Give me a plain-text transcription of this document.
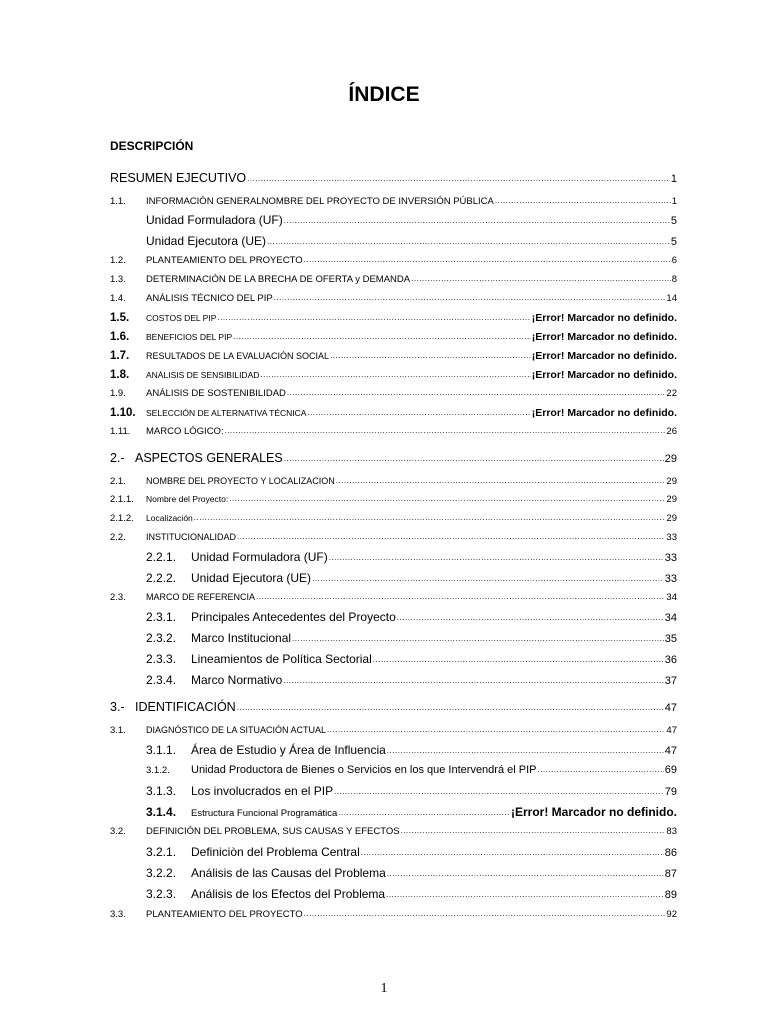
ÍNDICE
DESCRIPCIÓN
RESUMEN EJECUTIVO .....	1
1.1.	INFORMACIÓN GENERALNOMBRE DEL PROYECTO DE INVERSIÓN PÚBLICA .....	1
Unidad Formuladora (UF) .....	5
Unidad Ejecutora (UE) .....	5
1.2.	PLANTEAMIENTO DEL PROYECTO .....	6
1.3.	DETERMINACIÓN DE LA BRECHA DE OFERTA y DEMANDA .....	8
1.4.	ANÁLISIS TÉCNICO DEL PIP .....	14
1.5.	COSTOS DEL PIP .....	¡Error! Marcador no definido.
1.6.	BENEFICIOS DEL PIP .....	¡Error! Marcador no definido.
1.7.	RESULTADOS DE LA EVALUACIÓN SOCIAL .....	¡Error! Marcador no definido.
1.8.	ANÁLISIS DE SENSIBILIDAD .....	¡Error! Marcador no definido.
1.9.	ANÁLISIS DE SOSTENIBILIDAD .....	22
1.10.	SELECCIÓN DE ALTERNATIVA TÉCNICA .....	¡Error! Marcador no definido.
1.11.	MARCO LÓGICO: .....	26
2.- ASPECTOS GENERALES .....	29
2.1.	NOMBRE DEL PROYECTO Y LOCALIZACION .....	29
2.1.1.	Nombre del Proyecto: .....	29
2.1.2.	Localización .....	29
2.2.	INSTITUCIONALIDAD .....	33
2.2.1.	Unidad Formuladora (UF) .....	33
2.2.2.	Unidad Ejecutora (UE) .....	33
2.3.	MARCO DE REFERENCIA .....	34
2.3.1.	Principales Antecedentes del Proyecto .....	34
2.3.2.	Marco Institucional .....	35
2.3.3.	Lineamientos de Política Sectorial .....	36
2.3.4.	Marco Normativo .....	37
3.- IDENTIFICACIÓN .....	47
3.1.	DIAGNÓSTICO DE LA SITUACIÓN ACTUAL .....	47
3.1.1.	Área de Estudio y Área de Influencia .....	47
3.1.2.	Unidad Productora de Bienes o Servicios en los que Intervendrá el PIP .....	69
3.1.3.	Los involucrados en el PIP .....	79
3.1.4.	Estructura Funcional Programática .....	¡Error! Marcador no definido.
3.2.	DEFINICIÓN DEL PROBLEMA, SUS CAUSAS Y EFECTOS .....	83
3.2.1.	Definiciòn del Problema Central .....	86
3.2.2.	Análisis de las Causas del Problema .....	87
3.2.3.	Análisis de los Efectos del Problema .....	89
3.3.	PLANTEAMIENTO DEL PROYECTO .....	92
1
